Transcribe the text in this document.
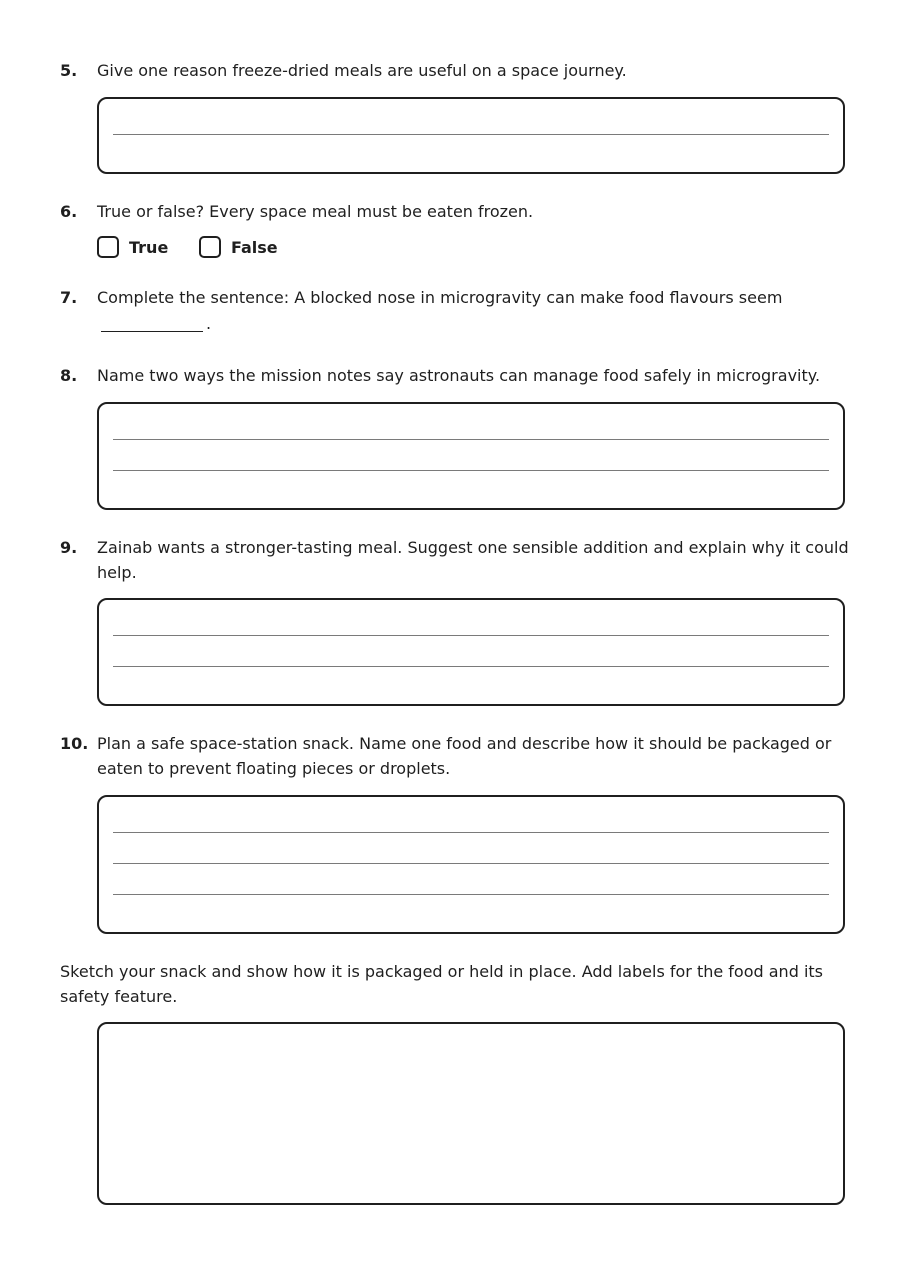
5. Give one reason freeze-dried meals are useful on a space journey.
6. True or false? Every space meal must be eaten frozen.
True	False
7. Complete the sentence: A blocked nose in microgravity can make food flavours seem
.
8. Name two ways the mission notes say astronauts can manage food safely in microgravity.
9. Zainab wants a stronger-tasting meal. Suggest one sensible addition and explain why it could help.
10. Plan a safe space-station snack. Name one food and describe how it should be packaged or eaten to prevent floating pieces or droplets.
Sketch your snack and show how it is packaged or held in place. Add labels for the food and its safety feature.
